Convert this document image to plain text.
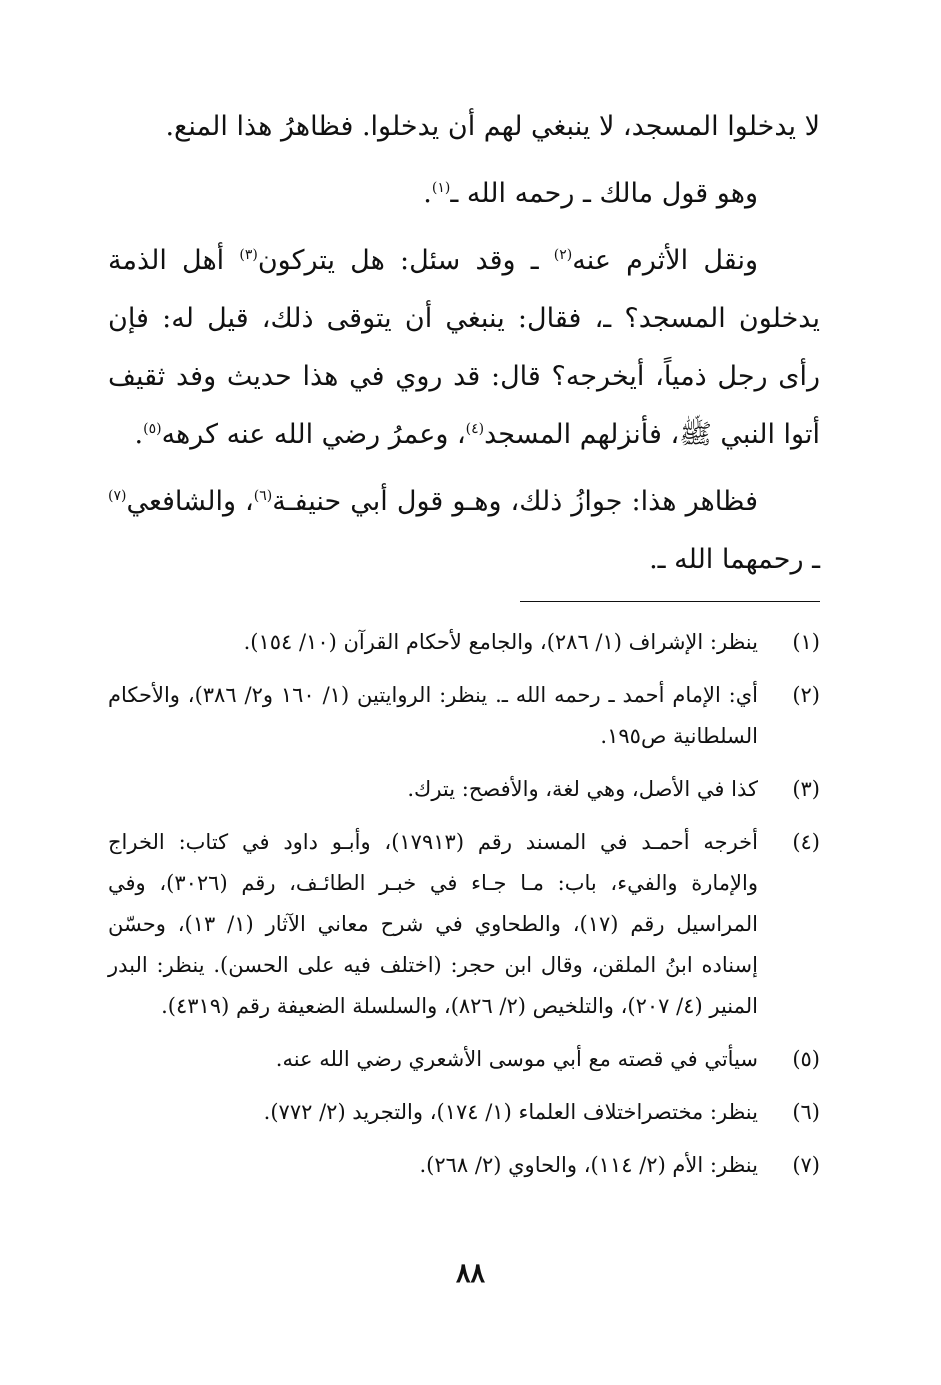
لا يدخلوا المسجد، لا ينبغي لهم أن يدخلوا. فظاهرُ هذا المنع.

وهو قول مالك ـ رحمه الله ـ$^{(١)}$.

ونقل الأثرم عنه$^{(٢)}$ ـ وقد سئل: هل يتركون$^{(٣)}$ أهل الذمة يدخلون المسجد؟ ـ، فقال: ينبغي أن يتوقى ذلك، قيل له: فإن رأى رجل ذمياً، أيخرجه؟ قال: قد روي في هذا حديث وفد ثقيف أتوا النبي ﷺ، فأنزلهم المسجد$^{(٤)}$، وعمرُ رضي الله عنه كرهه$^{(٥)}$.

فظاهر هذا: جوازُ ذلك، وهـو قول أبي حنيفـة$^{(٦)}$، والشافعي$^{(٧)}$ ـ رحمهما الله ـ.

(١)
ينظر: الإشراف (١/ ٢٨٦)، والجامع لأحكام القرآن (١٠/ ١٥٤).
(٢)
أي: الإمام أحمد ـ رحمه الله ـ. ينظر: الروايتين (١/ ١٦٠ و٢/ ٣٨٦)، والأحكام السلطانية ص١٩٥.
(٣)
كذا في الأصل، وهي لغة، والأفصح: يترك.
(٤)
أخرجه أحمـد في المسند رقم (١٧٩١٣)، وأبـو داود في كتاب: الخراج والإمارة والفيء، باب: مـا جـاء في خبـر الطائـف، رقم (٣٠٢٦)، وفي المراسيل رقم (١٧)، والطحاوي في شرح معاني الآثار (١/ ١٣)، وحسّن إسناده ابنُ الملقن، وقال ابن حجر: (اختلف فيه على الحسن). ينظر: البدر المنير (٤/ ٢٠٧)، والتلخيص (٢/ ٨٢٦)، والسلسلة الضعيفة رقم (٤٣١٩).
(٥)
سيأتي في قصته مع أبي موسى الأشعري رضي الله عنه.
(٦)
ينظر: مختصراختلاف العلماء (١/ ١٧٤)، والتجريد (٢/ ٧٧٢).
(٧)
ينظر: الأم (٢/ ١١٤)، والحاوي (٢/ ٢٦٨).
٨٨
